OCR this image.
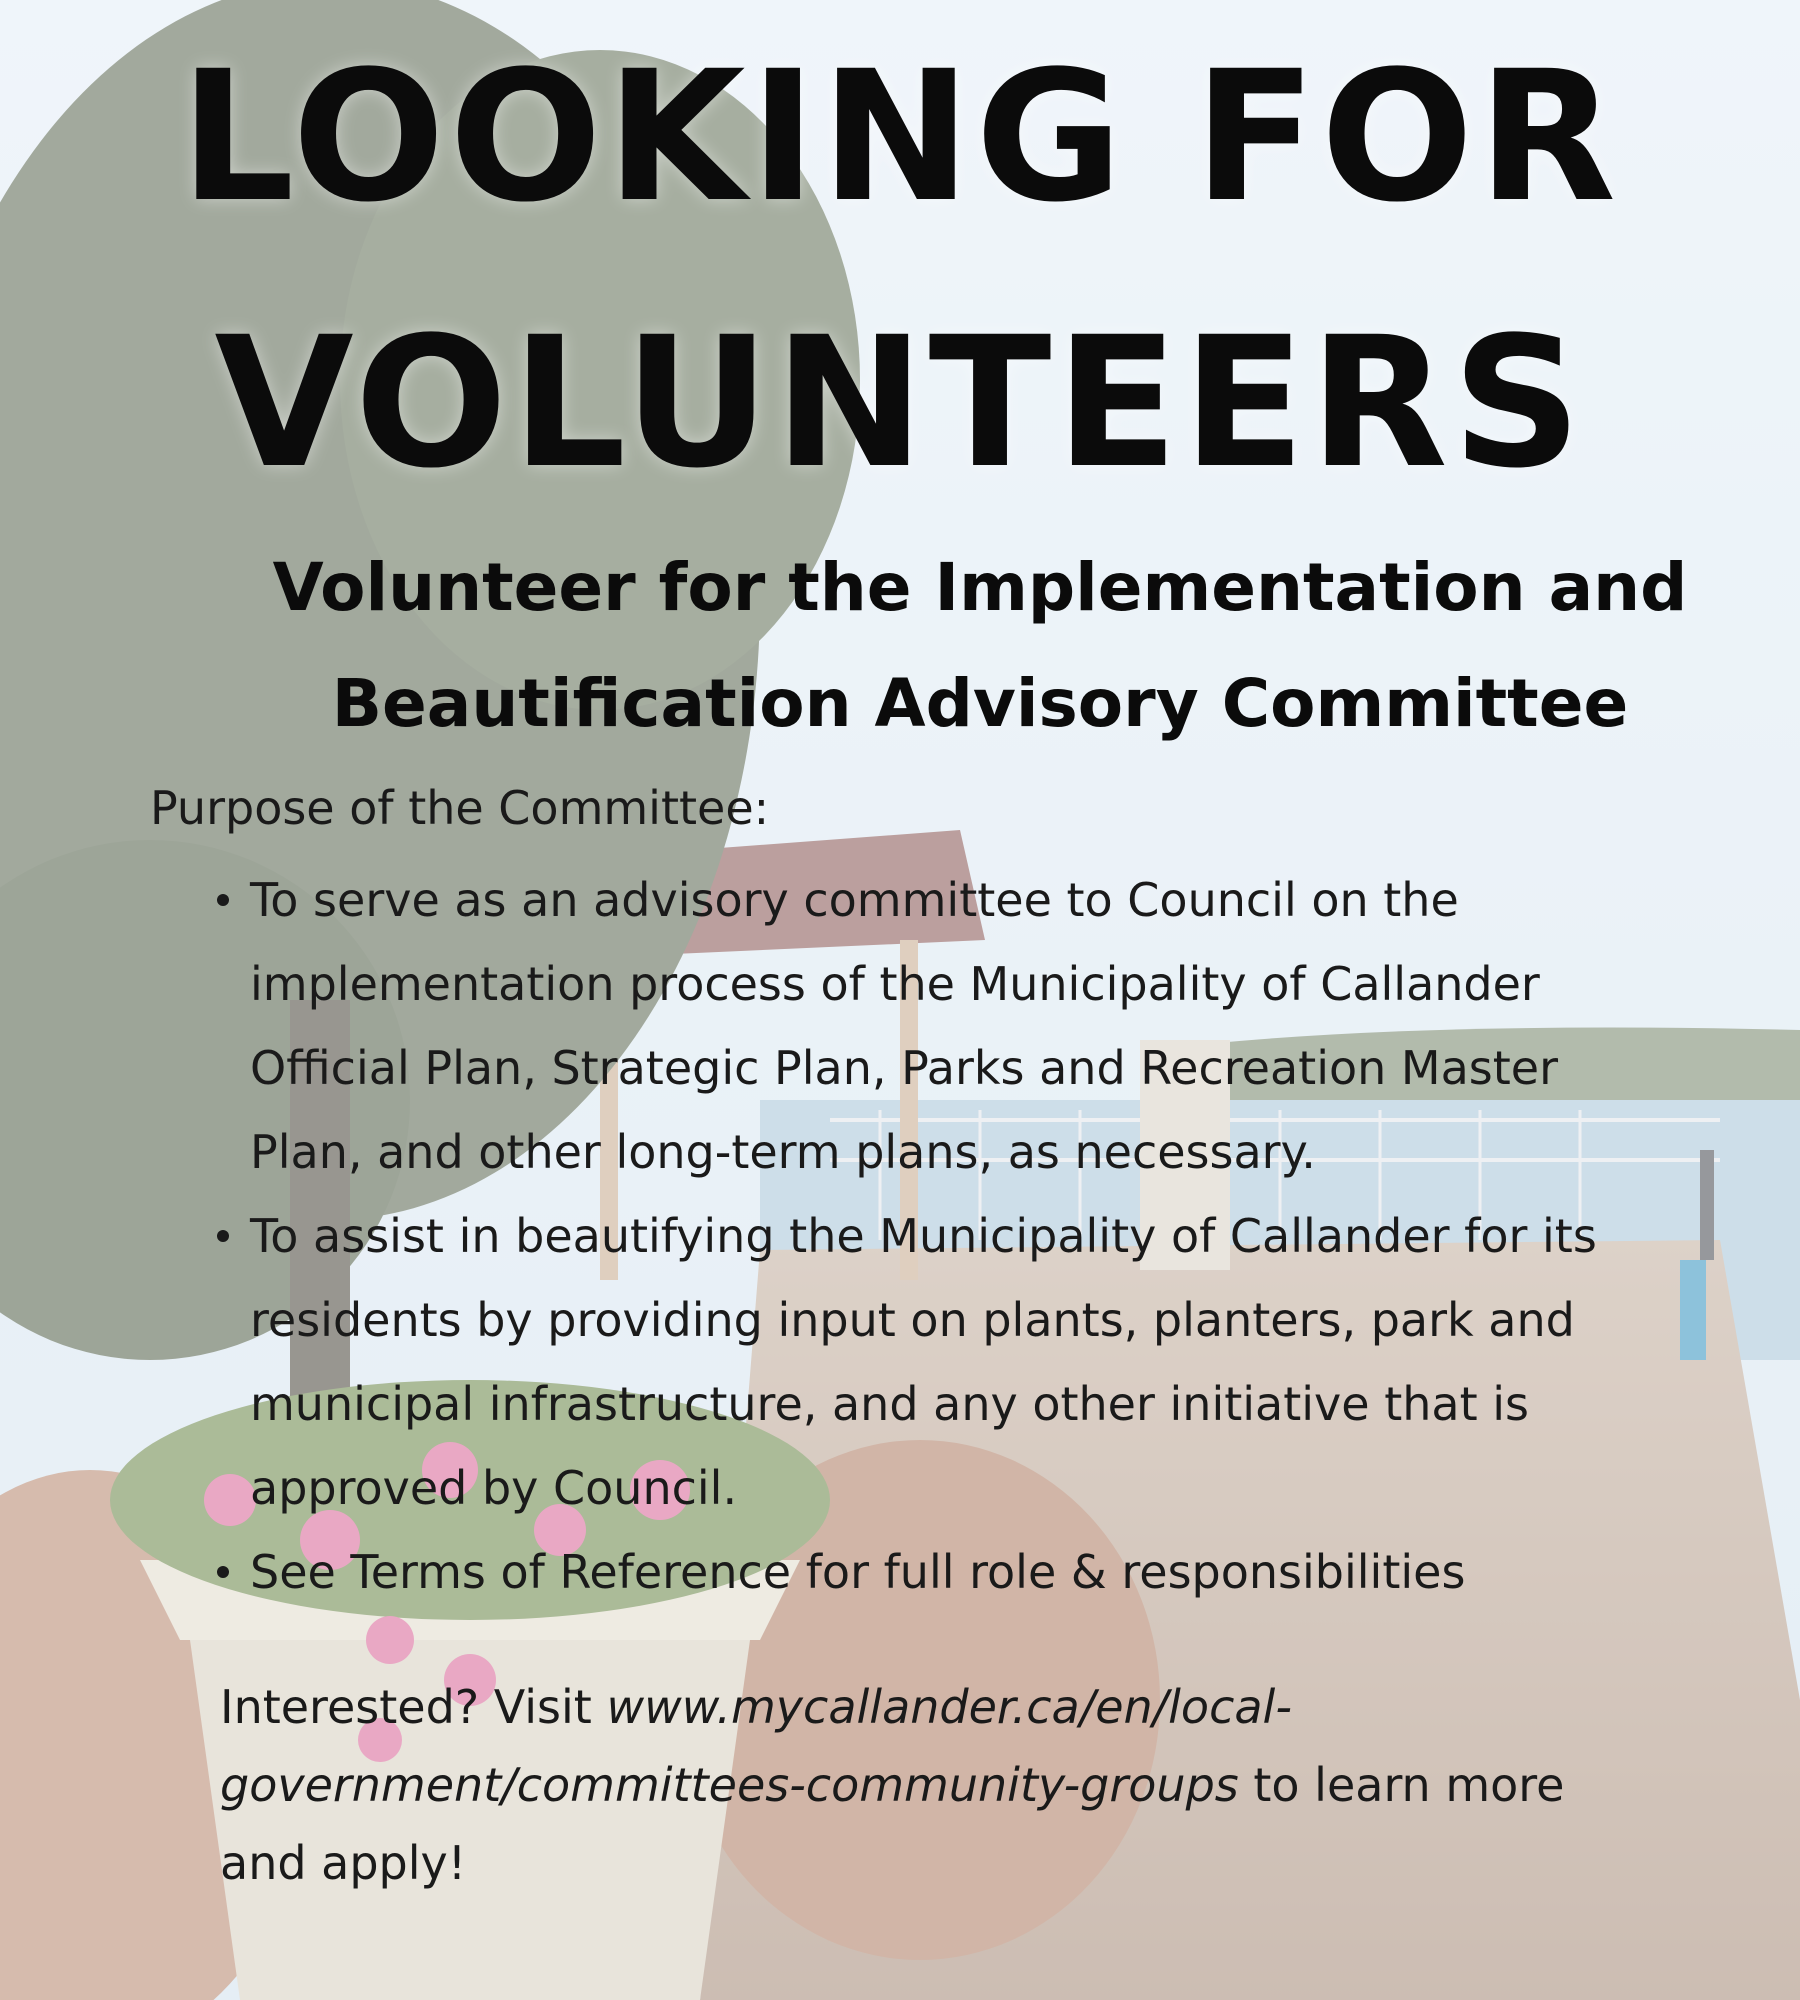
LOOKING FOR
VOLUNTEERS
Volunteer for the Implementation and
Beautification Advisory Committee
Purpose of the Committee:
To serve as an advisory committee to Council on the implementation process of the Municipality of Callander Official Plan, Strategic Plan, Parks and Recreation Master Plan, and other long-term plans, as necessary.
To assist in beautifying the Municipality of Callander for its residents by providing input on plants, planters, park and municipal infrastructure, and any other initiative that is approved by Council.
See Terms of Reference for full role & responsibilities
Interested? Visit www.mycallander.ca/en/local-government/committees-community-groups to learn more and apply!
